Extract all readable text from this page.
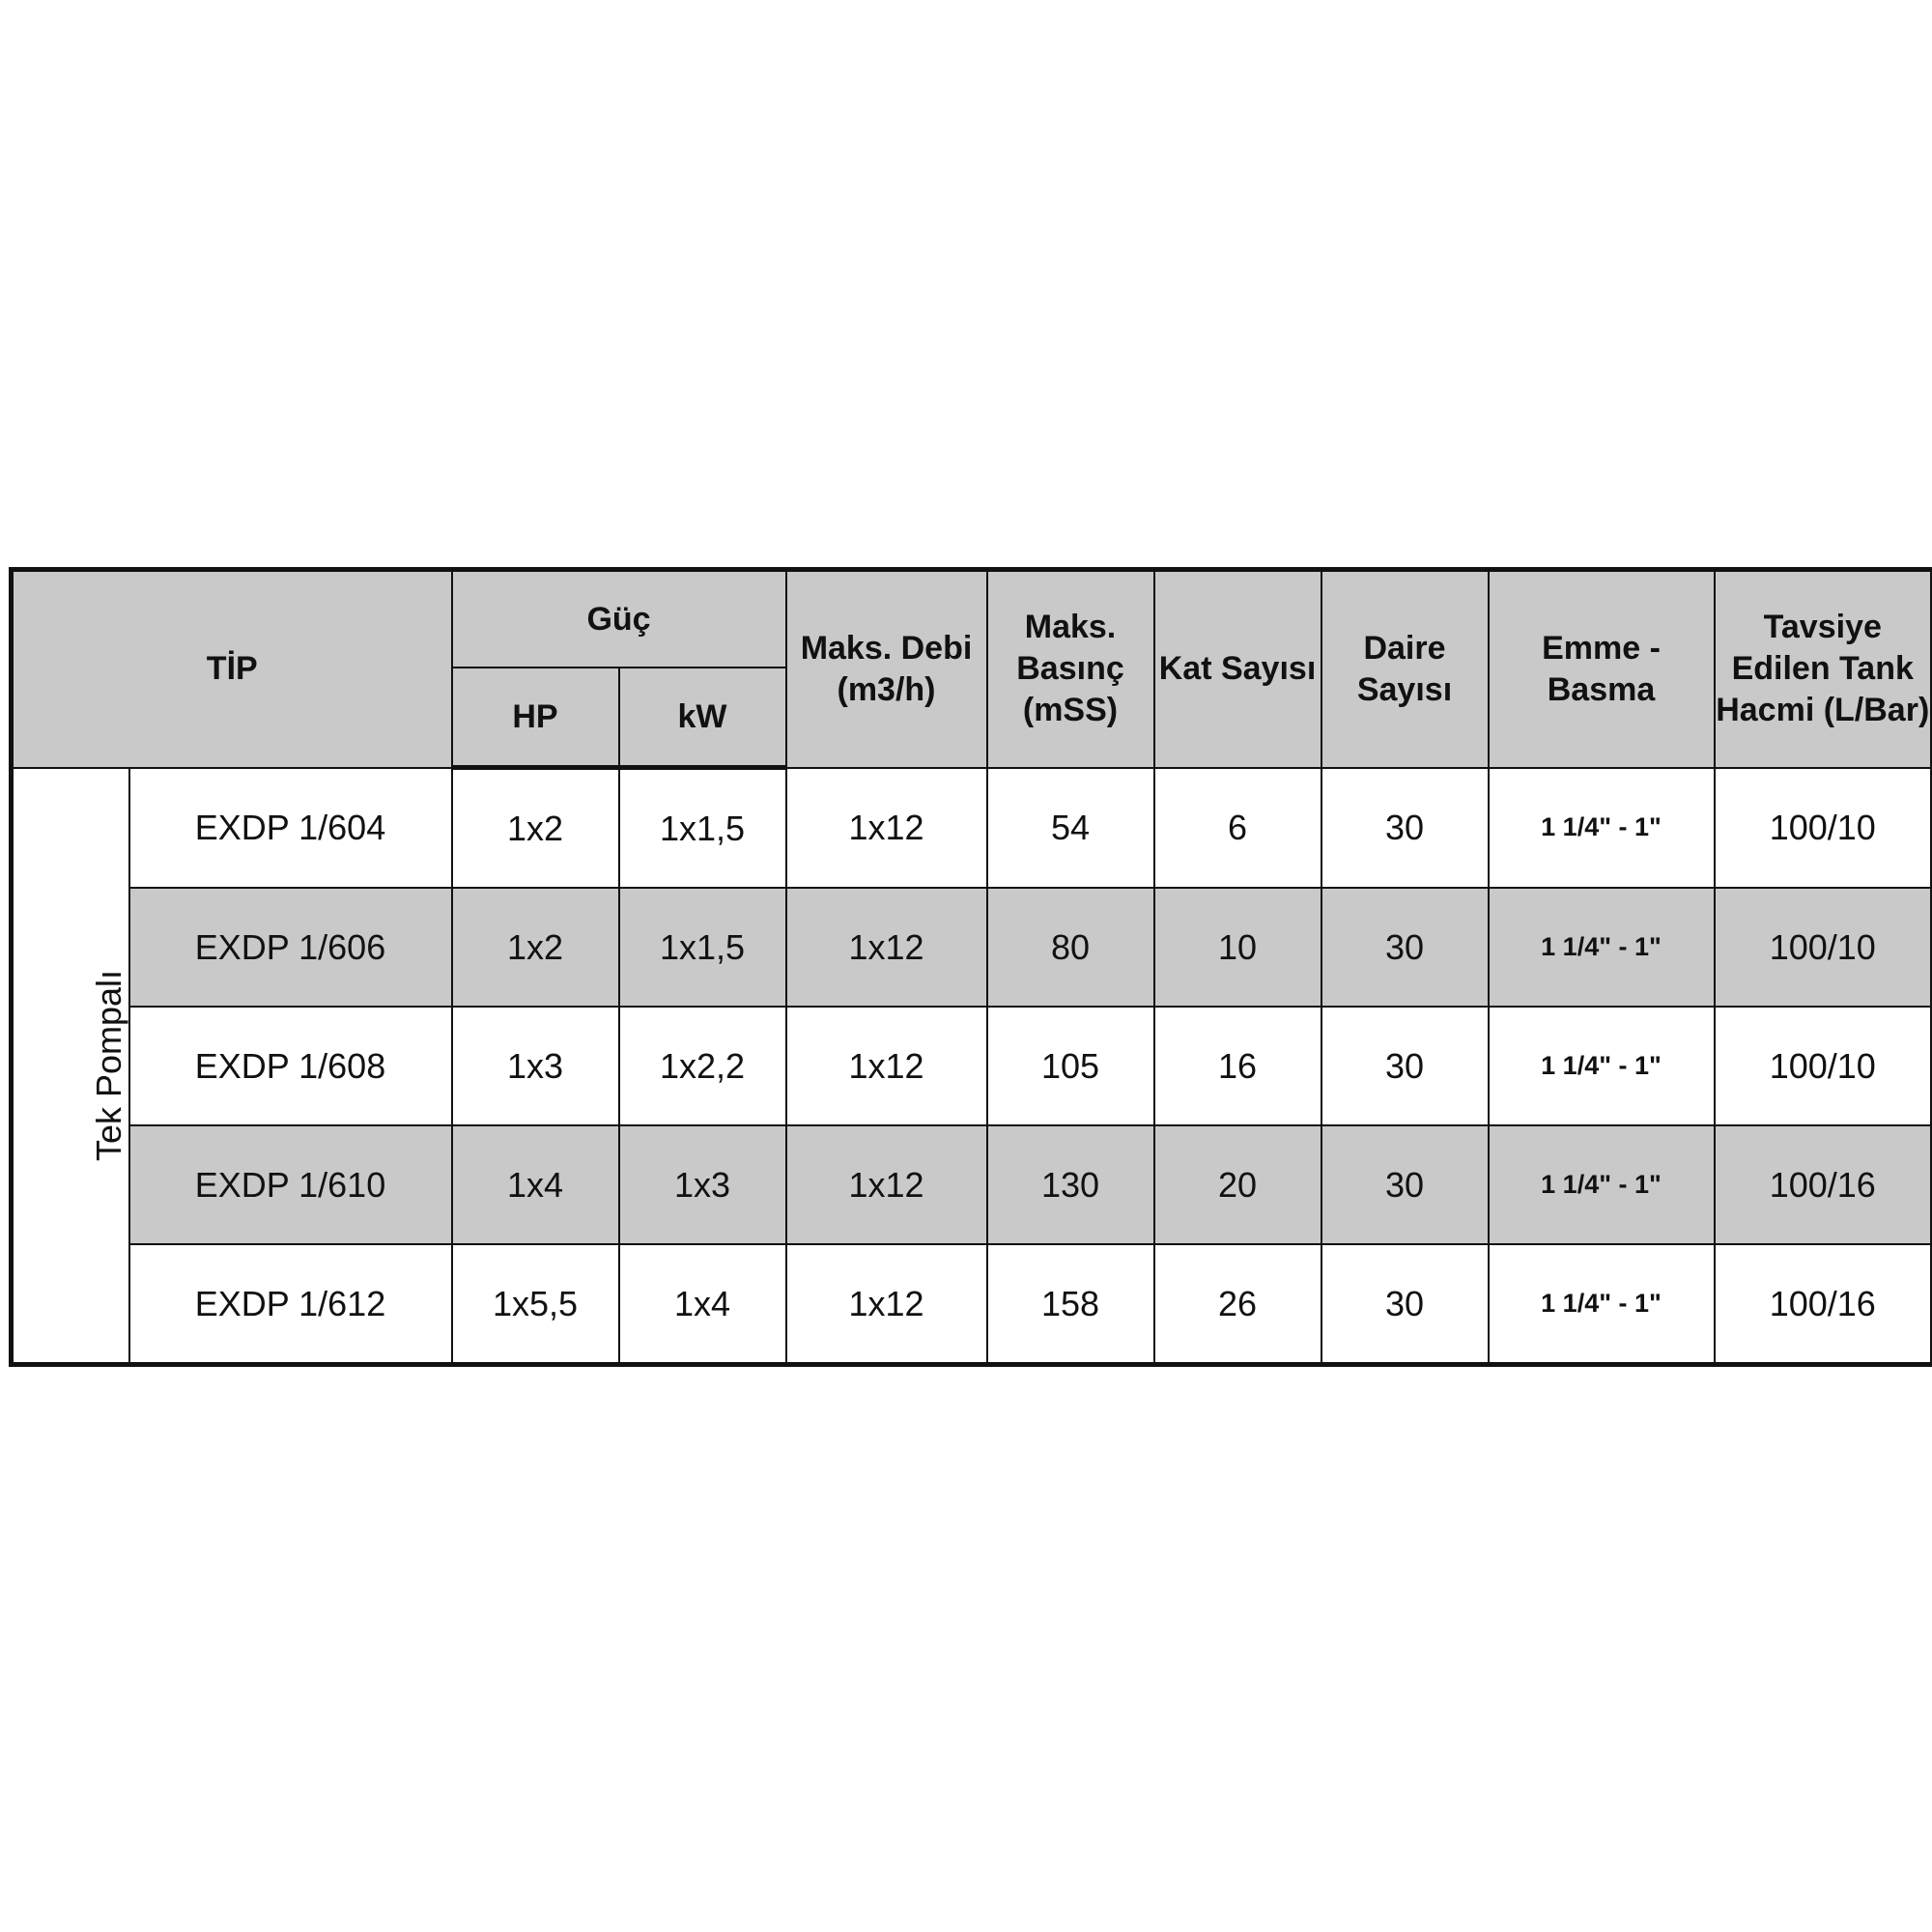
TİP		Güç		Maks. Debi (m3/h)	Maks. Basınç (mSS)	Kat Sayısı	Daire Sayısı	Emme - Basma	Tavsiye Edilen Tank Hacmi (L/Bar)
		HP	kW						
Tek Pompalı	EXDP 1/604	1x2	1x1,5	1x12	54	6	30	1 1/4" - 1"	100/10
	EXDP 1/606	1x2	1x1,5	1x12	80	10	30	1 1/4" - 1"	100/10
	EXDP 1/608	1x3	1x2,2	1x12	105	16	30	1 1/4" - 1"	100/10
	EXDP 1/610	1x4	1x3	1x12	130	20	30	1 1/4" - 1"	100/16
	EXDP 1/612	1x5,5	1x4	1x12	158	26	30	1 1/4" - 1"	100/16
